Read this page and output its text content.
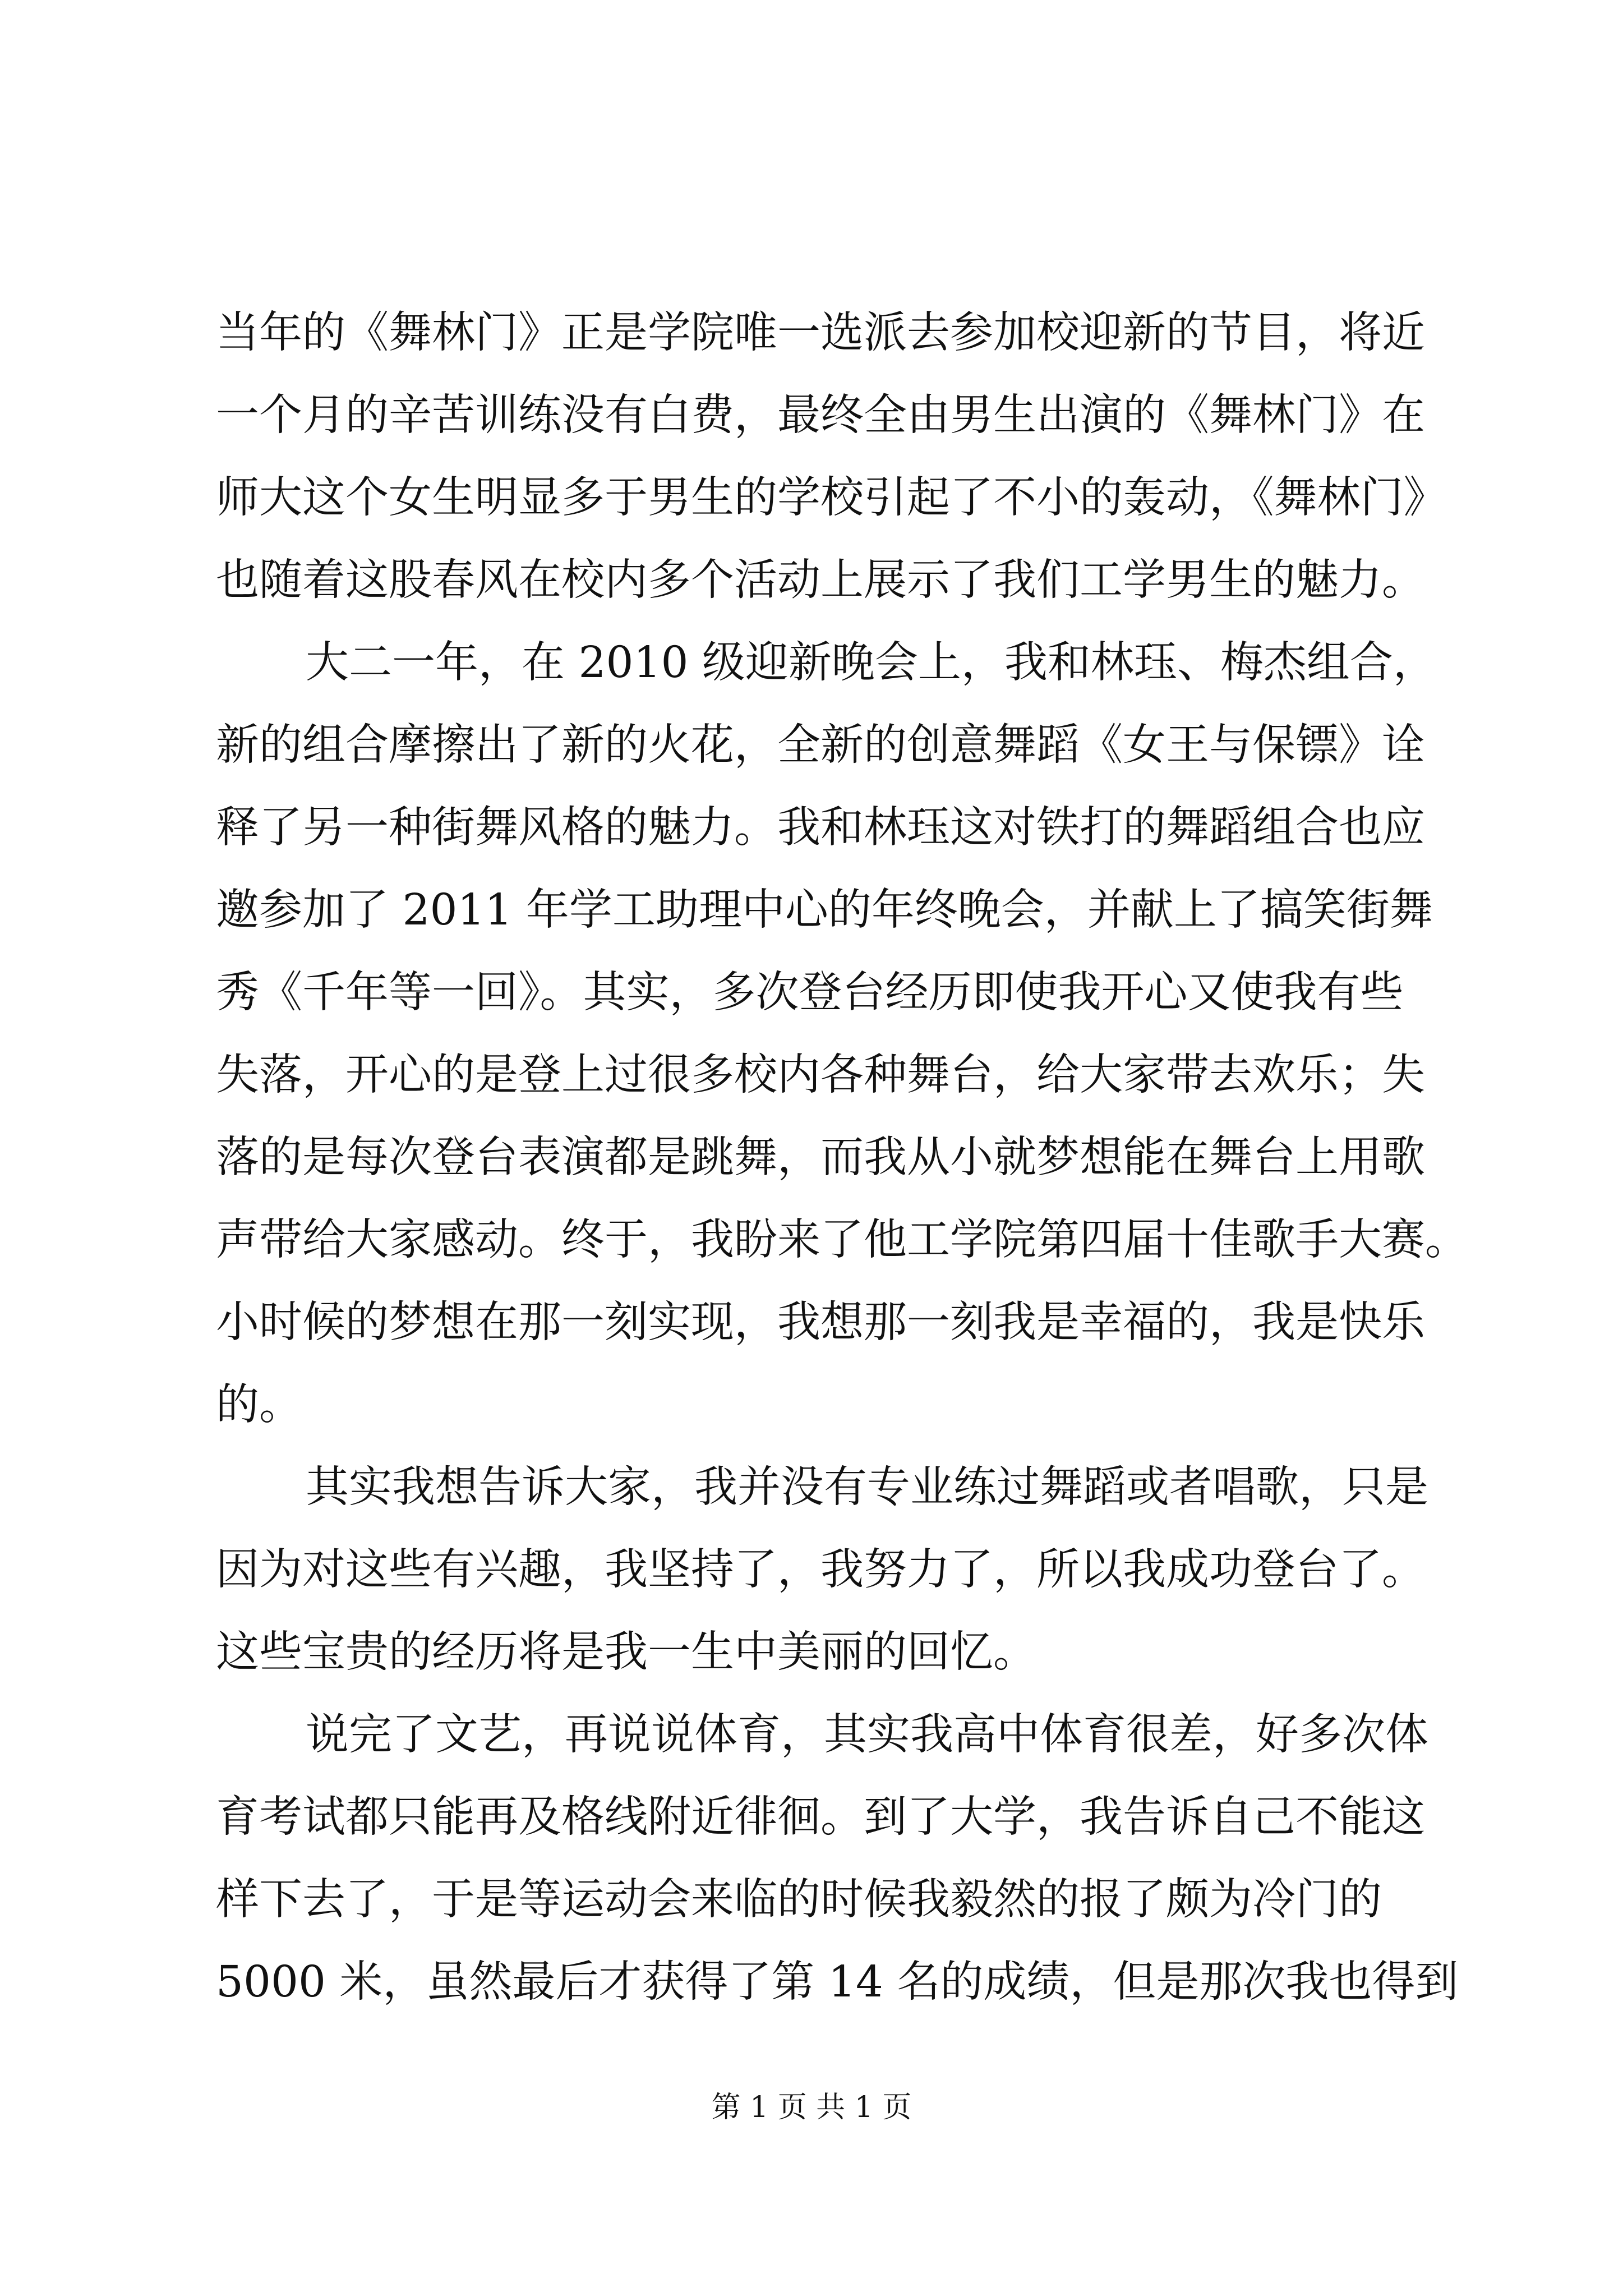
当年的《舞林门》正是学院唯一选派去参加校迎新的节目，将近
一个月的辛苦训练没有白费，最终全由男生出演的《舞林门》在
师大这个女生明显多于男生的学校引起了不小的轰动，《舞林门》
也随着这股春风在校内多个活动上展示了我们工学男生的魅力。
大二一年，在 2010 级迎新晚会上，我和林珏、梅杰组合，
新的组合摩擦出了新的火花，全新的创意舞蹈《女王与保镖》诠
释了另一种街舞风格的魅力。我和林珏这对铁打的舞蹈组合也应
邀参加了 2011 年学工助理中心的年终晚会，并献上了搞笑街舞
秀《千年等一回》。其实，多次登台经历即使我开心又使我有些
失落，开心的是登上过很多校内各种舞台，给大家带去欢乐；失
落的是每次登台表演都是跳舞，而我从小就梦想能在舞台上用歌
声带给大家感动。终于，我盼来了他工学院第四届十佳歌手大赛。
小时候的梦想在那一刻实现，我想那一刻我是幸福的，我是快乐
的。
其实我想告诉大家，我并没有专业练过舞蹈或者唱歌，只是
因为对这些有兴趣，我坚持了，我努力了，所以我成功登台了。
这些宝贵的经历将是我一生中美丽的回忆。
说完了文艺，再说说体育，其实我高中体育很差，好多次体
育考试都只能再及格线附近徘徊。到了大学，我告诉自己不能这
样下去了，于是等运动会来临的时候我毅然的报了颇为冷门的
5000 米，虽然最后才获得了第 14 名的成绩，但是那次我也得到
第 1 页 共 1 页
